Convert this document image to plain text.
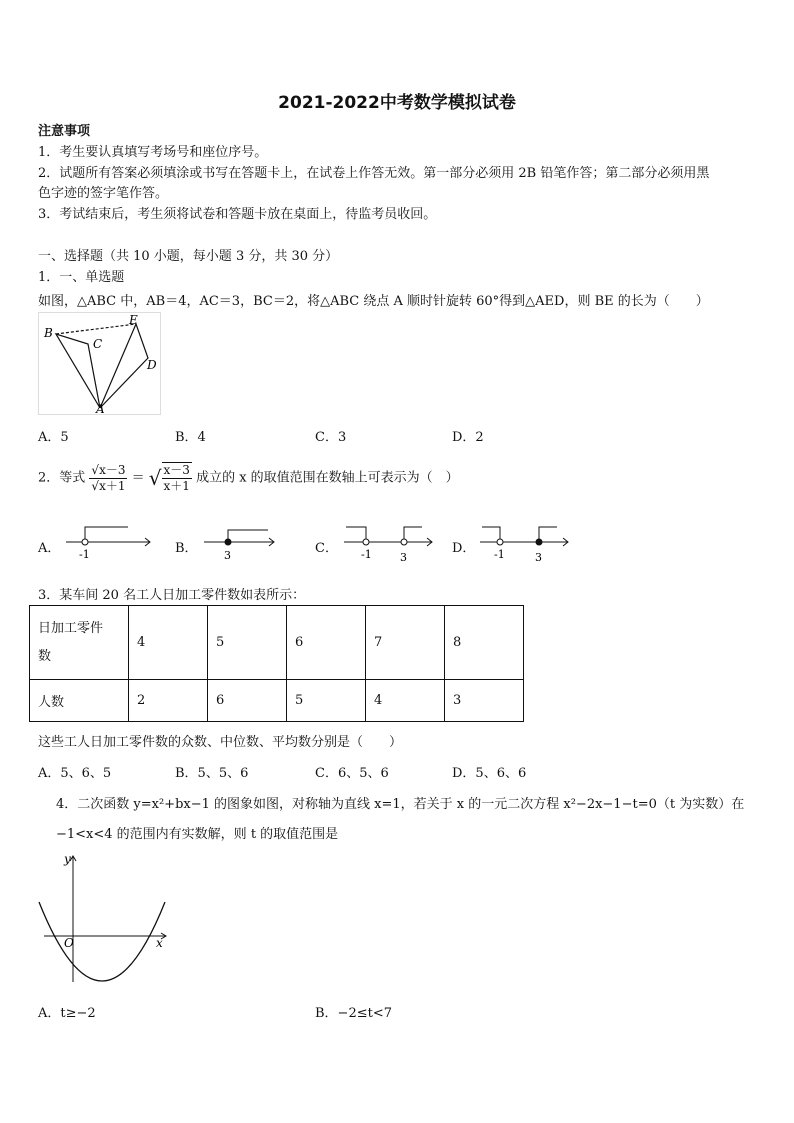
2021-2022中考数学模拟试卷
注意事项
1．考生要认真填写考场号和座位序号。
2．试题所有答案必须填涂或书写在答题卡上，在试卷上作答无效。第一部分必须用 2B 铅笔作答；第二部分必须用黑
色字迹的签字笔作答。
3．考试结束后，考生须将试卷和答题卡放在桌面上，待监考员收回。
一、选择题（共 10 小题，每小题 3 分，共 30 分）
1．一、单选题
如图，△ABC 中，AB＝4，AC＝3，BC＝2，将△ABC 绕点 A 顺时针旋转 60°得到△AED，则 BE 的长为（　　）
B
C
E
D
A
A．5	B．4	C．3	D．2
2．等式 $\frac{√x-3}{√x+1}$ ＝ √ $\frac{x-3}{x+1}$ 成立的 x 的取值范围在数轴上可表示为（　）
A． -1	B． 3	C． -1	3
D． -1	3
3．某车间 20 名工人日加工零件数如表所示：
日加工零件
数	4	5	6	7	8
人数	2	6	5	4	3
这些工人日加工零件数的众数、中位数、平均数分别是（　　）
A．5、6、5	B．5、5、6	C．6、5、6	D．5、6、6
4．二次函数 y=x²+bx−1 的图象如图，对称轴为直线 x=1，若关于 x 的一元二次方程 x²−2x−1−t=0（t 为实数）在
−1<x<4 的范围内有实数解，则 t 的取值范围是
y
x
O
A．t≥−2	B．−2≤t<7
